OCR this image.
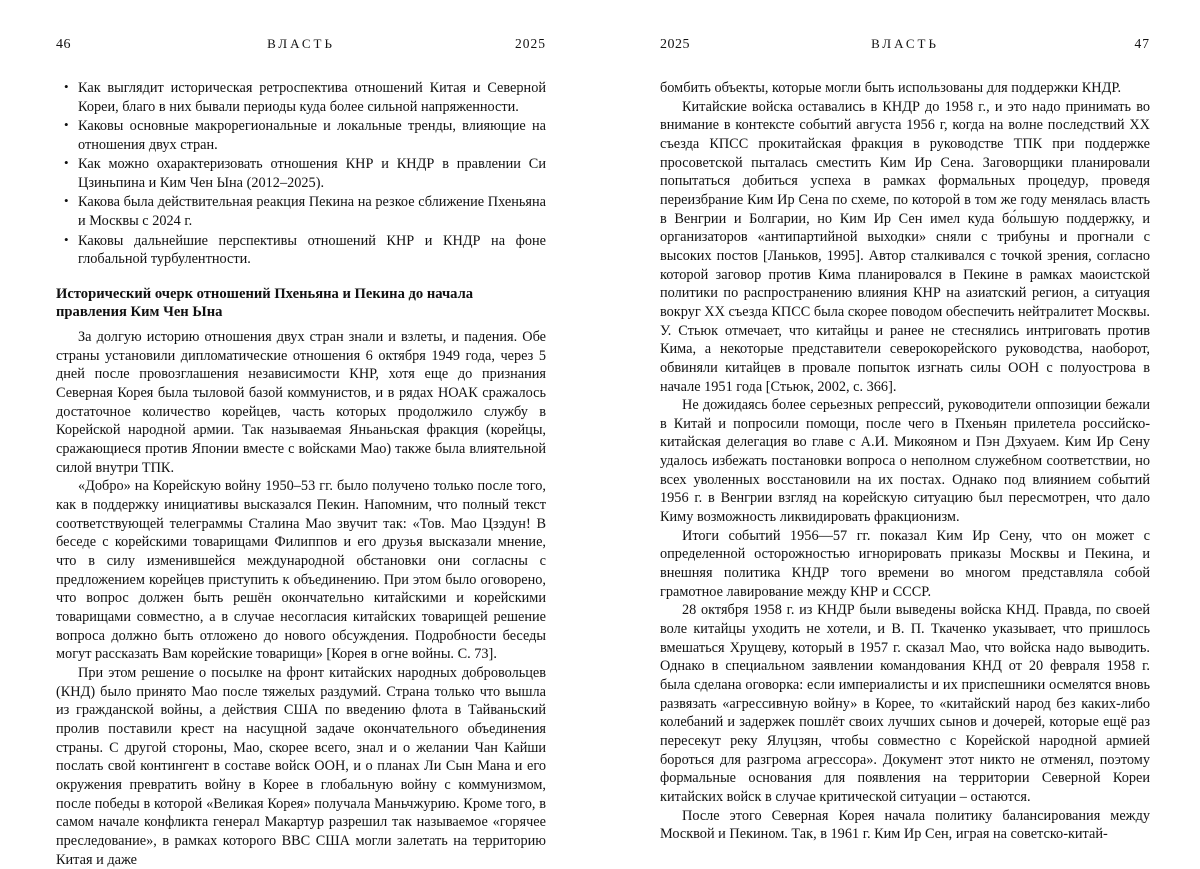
46	ВЛАСТЬ	2025
• Как выглядит историческая ретроспектива отношений Китая и Северной Кореи, благо в них бывали периоды куда более сильной напряженности.
• Каковы основные макрорегиональные и локальные тренды, влияющие на отношения двух стран.
• Как можно охарактеризовать отношения КНР и КНДР в правлении Си Цзиньпина и Ким Чен Ына (2012–2025).
• Какова была действительная реакция Пекина на резкое сближение Пхеньяна и Москвы с 2024 г.
• Каковы дальнейшие перспективы отношений КНР и КНДР на фоне глобальной турбулентности.
Исторический очерк отношений Пхеньяна и Пекина до начала правления Ким Чен Ына

За долгую историю отношения двух стран знали и взлеты, и падения. Обе страны установили дипломатические отношения 6 октября 1949 года, через 5 дней после провозглашения независимости КНР, хотя еще до признания Северная Корея была тыловой базой коммунистов, и в рядах НОАК сражалось достаточное количество корейцев, часть которых продолжило службу в Корейской народной армии. Так называемая Яньаньская фракция (корейцы, сражающиеся против Японии вместе с войсками Мао) также была влиятельной силой внутри ТПК.

«Добро» на Корейскую войну 1950–53 гг. было получено только после того, как в поддержку инициативы высказался Пекин. Напомним, что полный текст соответствующей телеграммы Сталина Мао звучит так: «Тов. Мао Цзэдун! В беседе с корейскими товарищами Филиппов и его друзья высказали мнение, что в силу изменившейся международной обстановки они согласны с предложением корейцев приступить к объединению. При этом было оговорено, что вопрос должен быть решён окончательно китайскими и корейскими товарищами совместно, а в случае несогласия китайских товарищей решение вопроса должно быть отложено до нового обсуждения. Подробности беседы могут рассказать Вам корейские товарищи» [Корея в огне войны. С. 73].

При этом решение о посылке на фронт китайских народных добровольцев (КНД) было принято Мао после тяжелых раздумий. Страна только что вышла из гражданской войны, а действия США по введению флота в Тайваньский пролив поставили крест на насущной задаче окончательного объединения страны. С другой стороны, Мао, скорее всего, знал и о желании Чан Кайши послать свой контингент в составе войск ООН, и о планах Ли Сын Мана и его окружения превратить войну в Корее в глобальную войну с коммунизмом, после победы в которой «Великая Корея» получала Маньчжурию. Кроме того, в самом начале конфликта генерал Макартур разрешил так называемое «горячее преследование», в рамках которого ВВС США могли залетать на территорию Китая и даже

2025	ВЛАСТЬ	47

бомбить объекты, которые могли быть использованы для поддержки КНДР.

Китайские войска оставались в КНДР до 1958 г., и это надо принимать во внимание в контексте событий августа 1956 г, когда на волне последствий XX съезда КПСС прокитайская фракция в руководстве ТПК при поддержке просоветской пыталась сместить Ким Ир Сена. Заговорщики планировали попытаться добиться успеха в рамках формальных процедур, проведя переизбрание Ким Ир Сена по схеме, по которой в том же году менялась власть в Венгрии и Болгарии, но Ким Ир Сен имел куда бо́льшую поддержку, и организаторов «антипартийной выходки» сняли с трибуны и прогнали с высоких постов [Ланьков, 1995]. Автор сталкивался с точкой зрения, согласно которой заговор против Кима планировался в Пекине в рамках маоистской политики по распространению влияния КНР на азиатский регион, а ситуация вокруг XX съезда КПСС была скорее поводом обеспечить нейтралитет Москвы. У. Стьюк отмечает, что китайцы и ранее не стеснялись интриговать против Кима, а некоторые представители северокорейского руководства, наоборот, обвиняли китайцев в провале попыток изгнать силы ООН с полуострова в начале 1951 года [Стьюк, 2002, с. 366].

Не дожидаясь более серьезных репрессий, руководители оппозиции бежали в Китай и попросили помощи, после чего в Пхеньян прилетела российско-китайская делегация во главе с А.И. Микояном и Пэн Дэхуаем. Ким Ир Сену удалось избежать постановки вопроса о неполном служебном соответствии, но всех уволенных восстановили на их постах. Однако под влиянием событий 1956 г. в Венгрии взгляд на корейскую ситуацию был пересмотрен, что дало Киму возможность ликвидировать фракционизм.

Итоги событий 1956—57 гг. показал Ким Ир Сену, что он может с определенной осторожностью игнорировать приказы Москвы и Пекина, и внешняя политика КНДР того времени во многом представляла собой грамотное лавирование между КНР и СССР.

28 октября 1958 г. из КНДР были выведены войска КНД. Правда, по своей воле китайцы уходить не хотели, и В. П. Ткаченко указывает, что пришлось вмешаться Хрущеву, который в 1957 г. сказал Мао, что войска надо выводить. Однако в специальном заявлении командования КНД от 20 февраля 1958 г. была сделана оговорка: если империалисты и их приспешники осмелятся вновь развязать «агрессивную войну» в Корее, то «китайский народ без каких-либо колебаний и задержек пошлёт своих лучших сынов и дочерей, которые ещё раз пересекут реку Ялуцзян, чтобы совместно с Корейской народной армией бороться для разгрома агрессора». Документ этот никто не отменял, поэтому формальные основания для появления на территории Северной Кореи китайских войск в случае критической ситуации – остаются.

После этого Северная Корея начала политику балансирования между Москвой и Пекином. Так, в 1961 г. Ким Ир Сен, играя на советско-китай-
